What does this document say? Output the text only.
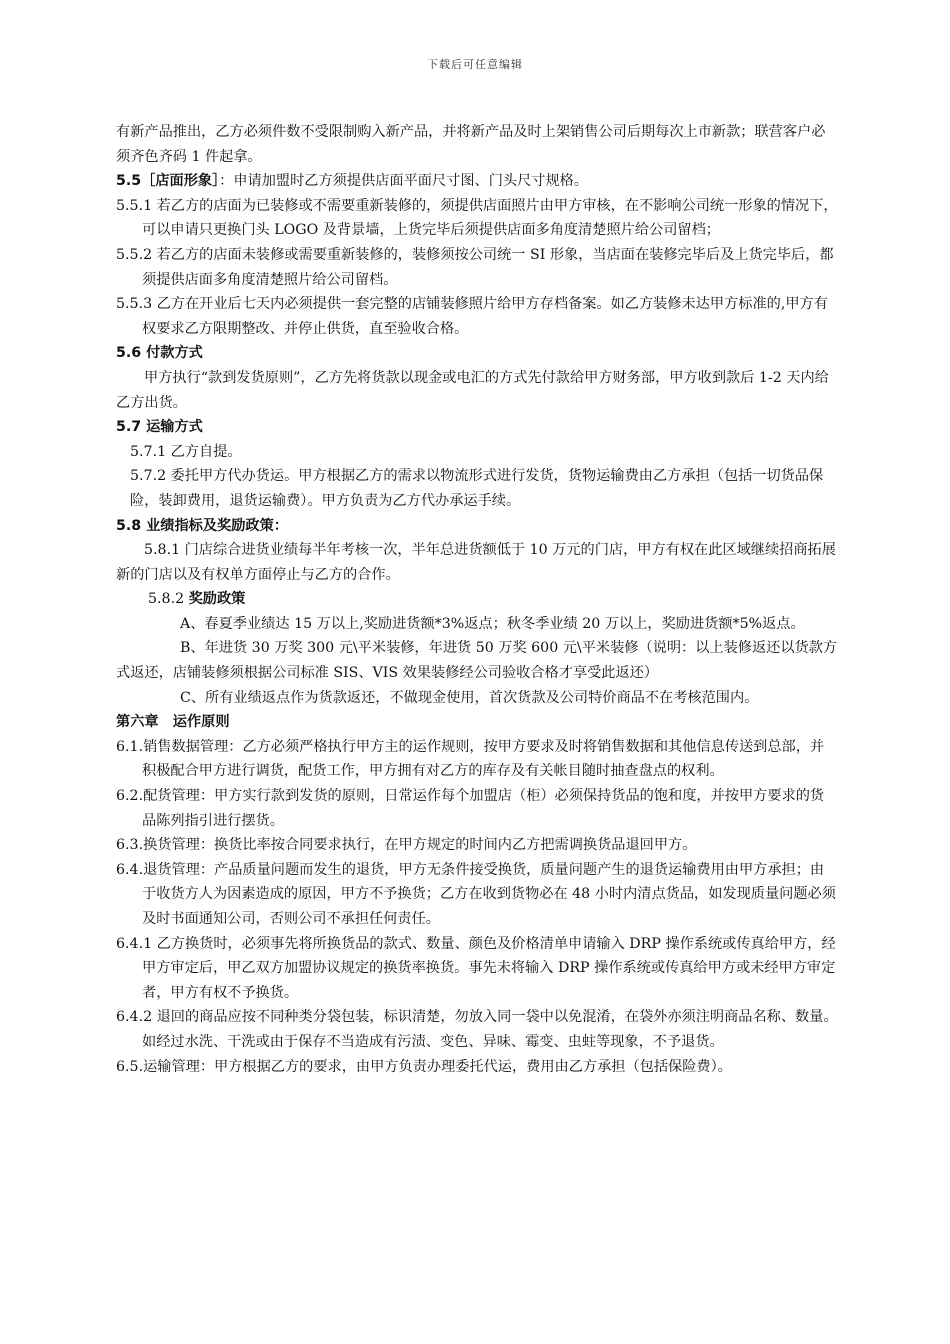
下载后可任意编辑

有新产品推出，乙方必须件数不受限制购入新产品，并将新产品及时上架销售公司后期每次上市新款；联营客户必须齐色齐码 1 件起拿。

5.5［店面形象］：申请加盟时乙方须提供店面平面尺寸图、门头尺寸规格。

5.5.1 若乙方的店面为已装修或不需要重新装修的，须提供店面照片由甲方审核，在不影响公司统一形象的情况下，可以申请只更换门头 LOGO 及背景墙，上货完毕后须提供店面多角度清楚照片给公司留档；

5.5.2 若乙方的店面未装修或需要重新装修的，装修须按公司统一 SI 形象，当店面在装修完毕后及上货完毕后，都须提供店面多角度清楚照片给公司留档。

5.5.3 乙方在开业后七天内必须提供一套完整的店铺装修照片给甲方存档备案。如乙方装修未达甲方标准的,甲方有权要求乙方限期整改、并停止供货，直至验收合格。

5.6 付款方式

甲方执行“款到发货原则”，乙方先将货款以现金或电汇的方式先付款给甲方财务部，甲方收到款后 1-2 天内给乙方出货。

5.7 运输方式

5.7.1 乙方自提。

5.7.2 委托甲方代办货运。甲方根据乙方的需求以物流形式进行发货，货物运输费由乙方承担（包括一切货品保险，装卸费用，退货运输费）。甲方负责为乙方代办承运手续。

5.8 业绩指标及奖励政策：

5.8.1 门店综合进货业绩每半年考核一次，半年总进货额低于 10 万元的门店，甲方有权在此区域继续招商拓展新的门店以及有权单方面停止与乙方的合作。

5.8.2 奖励政策

A、春夏季业绩达 15 万以上,奖励进货额*3%返点；秋冬季业绩 20 万以上，奖励进货额*5%返点。

B、年进货 30 万奖 300 元\平米装修，年进货 50 万奖 600 元\平米装修（说明：以上装修返还以货款方式返还，店铺装修须根据公司标准 SIS、VIS 效果装修经公司验收合格才享受此返还）

C、所有业绩返点作为货款返还，不做现金使用，首次货款及公司特价商品不在考核范围内。

第六章　运作原则

6.1.销售数据管理：乙方必须严格执行甲方主的运作规则，按甲方要求及时将销售数据和其他信息传送到总部，并积极配合甲方进行调货，配货工作，甲方拥有对乙方的库存及有关帐目随时抽查盘点的权利。

6.2.配货管理：甲方实行款到发货的原则，日常运作每个加盟店（柜）必须保持货品的饱和度，并按甲方要求的货品陈列指引进行摆货。

6.3.换货管理：换货比率按合同要求执行，在甲方规定的时间内乙方把需调换货品退回甲方。

6.4.退货管理：产品质量问题而发生的退货，甲方无条件接受换货，质量问题产生的退货运输费用由甲方承担；由于收货方人为因素造成的原因，甲方不予换货；乙方在收到货物必在 48 小时内清点货品，如发现质量问题必须及时书面通知公司，否则公司不承担任何责任。

6.4.1 乙方换货时，必须事先将所换货品的款式、数量、颜色及价格清单申请输入 DRP 操作系统或传真给甲方，经甲方审定后，甲乙双方加盟协议规定的换货率换货。事先未将输入 DRP 操作系统或传真给甲方或未经甲方审定者，甲方有权不予换货。

6.4.2 退回的商品应按不同种类分袋包装，标识清楚，勿放入同一袋中以免混淆，在袋外亦须注明商品名称、数量。如经过水洗、干洗或由于保存不当造成有污渍、变色、异味、霉变、虫蛀等现象，不予退货。

6.5.运输管理：甲方根据乙方的要求，由甲方负责办理委托代运，费用由乙方承担（包括保险费）。
